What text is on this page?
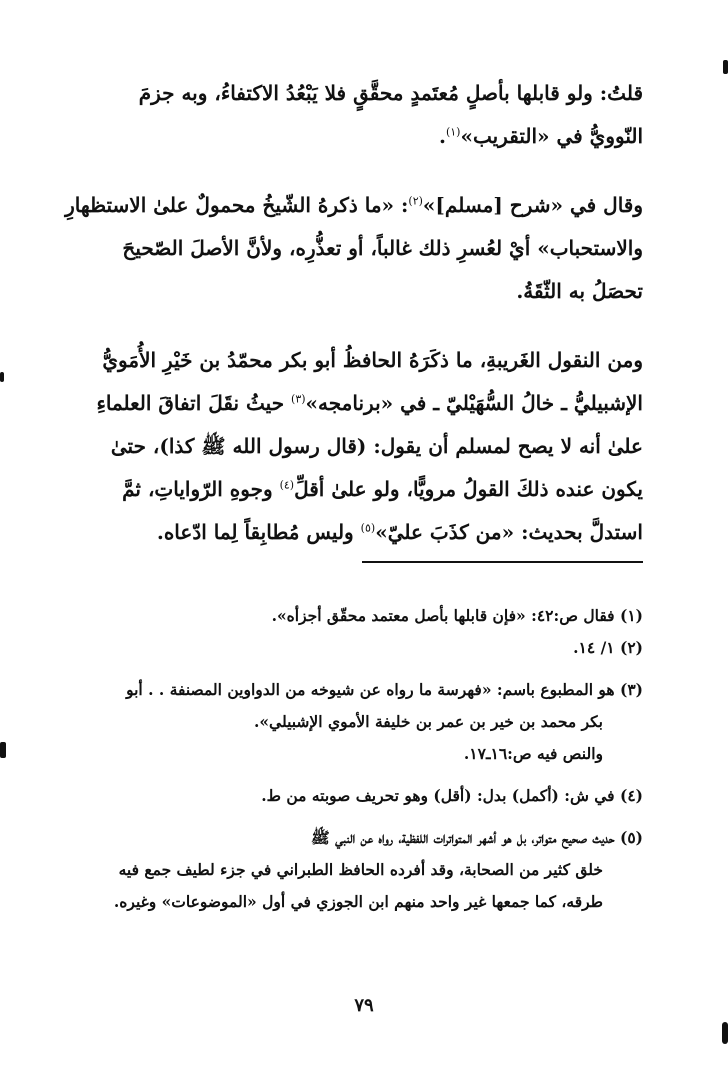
قلتُ: ولو قابلها بأصلٍ مُعتَمدٍ محقَّقٍ فلا يَبْعُدُ الاكتفاءُ، وبه جزمَ
النّوويُّ في «التقريب»$^{(١)}$.

وقال في «شرح [مسلم]»$^{(٢)}$: «ما ذكرهُ الشّيخُ محمولٌ علىٰ الاستظهارِ
والاستحباب» أيْ لعُسرِ ذلك غالباً، أو تعذُّرِه، ولأنَّ الأصلَ الصّحيحَ
تحصَلُ به الثّقَةُ.

ومن النقول الغَريبةِ، ما ذكَرَهُ الحافظُ أبو بكر محمّدُ بن خَيْرِ الأُمَويُّ
الإشبيليُّ ـ خالُ السُّهَيْليّ ـ في «برنامجه»$^{(٣)}$ حيثُ نقَلَ اتفاقَ العلماءِ
علىٰ أنه لا يصح لمسلم أن يقول: (قال رسول الله ﷺ كذا)، حتىٰ
يكون عنده ذلكَ القولُ مرويًّا، ولو علىٰ أقلِّ$^{(٤)}$ وجوهِ الرّواياتِ، ثمَّ
استدلَّ بحديث: «من كذَبَ عليّ»$^{(٥)}$ وليس مُطابِقاً لِما ادّعاه.

(١) فقال ص:٤٢: «فإن قابلها بأصل معتمد محقّق أجزأه».
(٢) ١/ ١٤.
(٣) هو المطبوع باسم: «فهرسة ما رواه عن شيوخه من الدواوين المصنفة . . أبو
بكر محمد بن خير بن عمر بن خليفة الأموي الإشبيلي».
والنص فيه ص:١٦ـ١٧.
(٤) في ش: (أكمل) بدل: (أقل) وهو تحريف صوبته من ط.
(٥) حديث صحيح متواتر، بل هو أشهر المتواترات اللفظية، رواه عن النبي ﷺ
خلق كثير من الصحابة، وقد أفرده الحافظ الطبراني في جزء لطيف جمع فيه
طرقه، كما جمعها غير واحد منهم ابن الجوزي في أول «الموضوعات» وغيره.
٧٩
